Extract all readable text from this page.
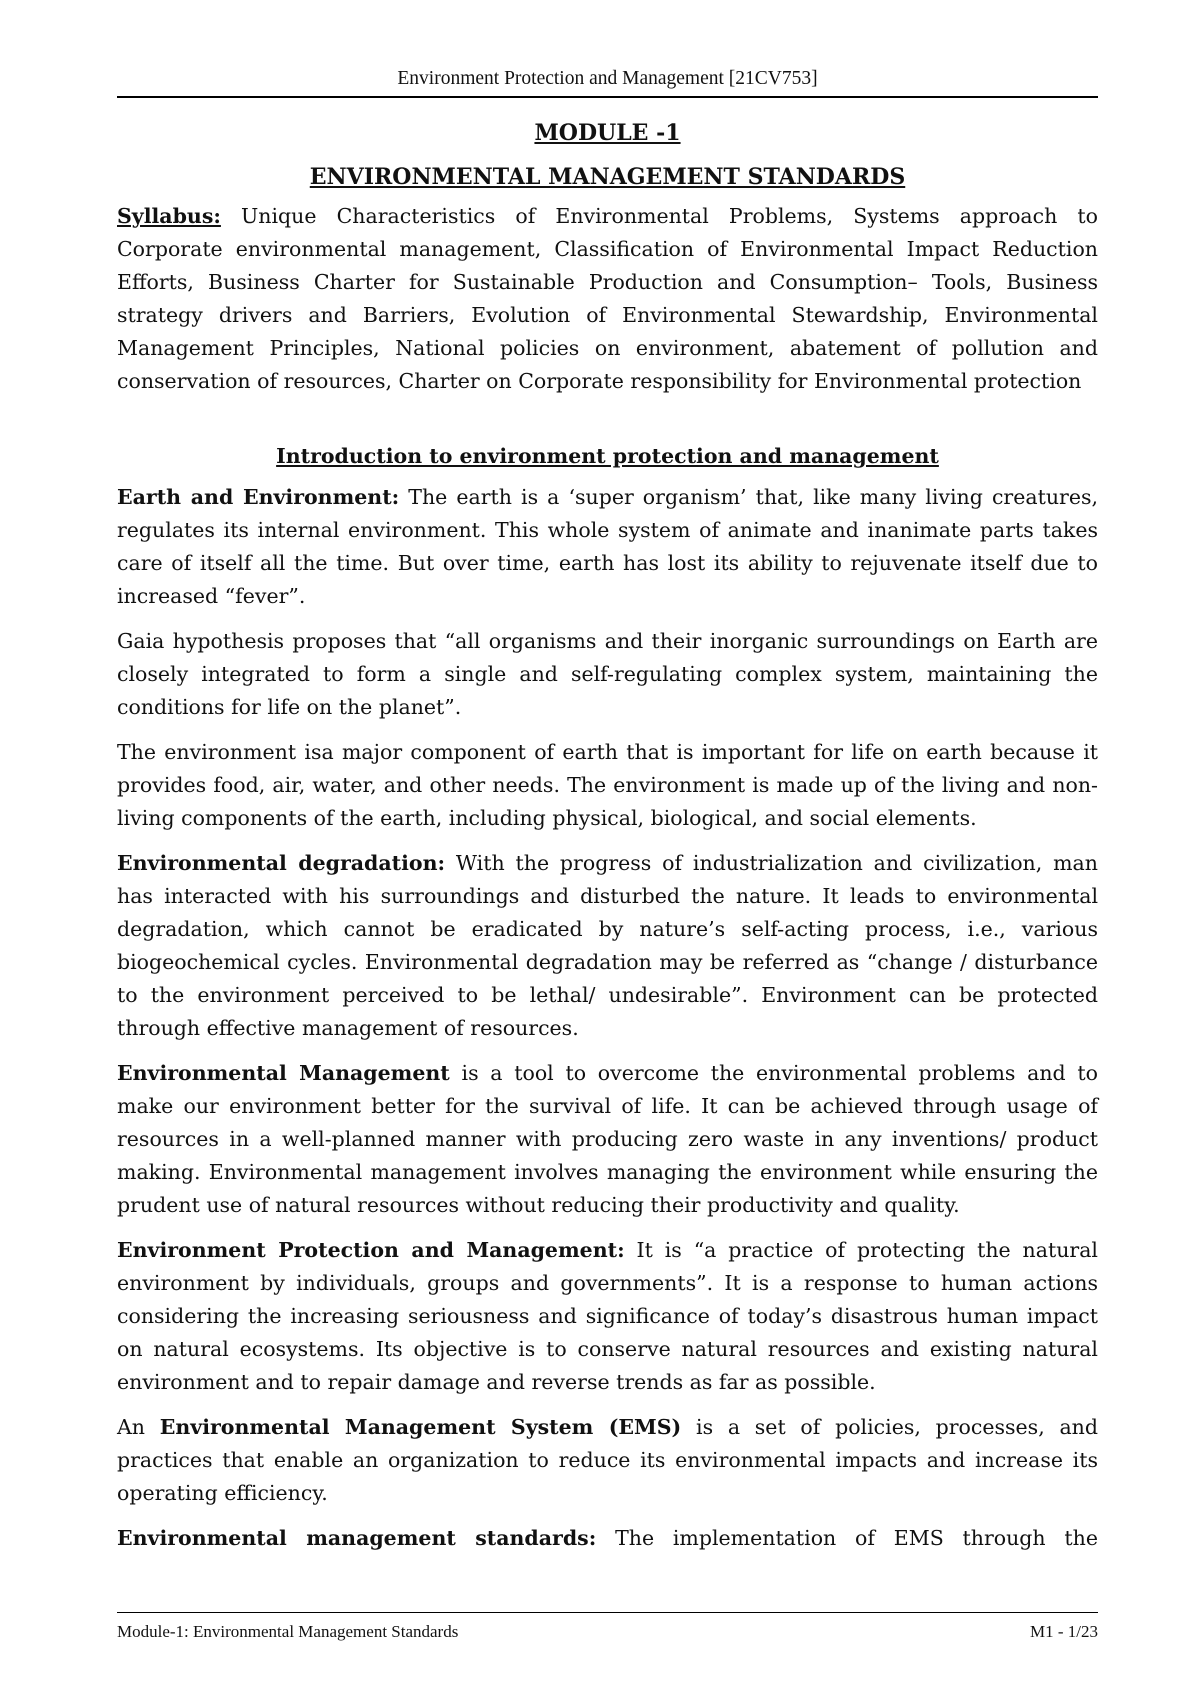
Environment Protection and Management [21CV753]
MODULE -1
ENVIRONMENTAL MANAGEMENT STANDARDS

Syllabus: Unique Characteristics of Environmental Problems, Systems approach to Corporate environmental management, Classification of Environmental Impact Reduction Efforts, Business Charter for Sustainable Production and Consumption– Tools, Business strategy drivers and Barriers, Evolution of Environmental Stewardship, Environmental Management Principles, National policies on environment, abatement of pollution and conservation of resources, Charter on Corporate responsibility for Environmental protection

Introduction to environment protection and management

Earth and Environment: The earth is a ‘super organism’ that, like many living creatures, regulates its internal environment. This whole system of animate and inanimate parts takes care of itself all the time. But over time, earth has lost its ability to rejuvenate itself due to increased “fever”.

Gaia hypothesis proposes that “all organisms and their inorganic surroundings on Earth are closely integrated to form a single and self-regulating complex system, maintaining the conditions for life on the planet”.

The environment isa major component of earth that is important for life on earth because it provides food, air, water, and other needs. The environment is made up of the living and non-living components of the earth, including physical, biological, and social elements.

Environmental degradation: With the progress of industrialization and civilization, man has interacted with his surroundings and disturbed the nature. It leads to environmental degradation, which cannot be eradicated by nature’s self-acting process, i.e., various biogeochemical cycles. Environmental degradation may be referred as “change / disturbance to the environment perceived to be lethal/ undesirable”. Environment can be protected through effective management of resources.

Environmental Management is a tool to overcome the environmental problems and to make our environment better for the survival of life. It can be achieved through usage of resources in a well-planned manner with producing zero waste in any inventions/ product making. Environmental management involves managing the environment while ensuring the prudent use of natural resources without reducing their productivity and quality.

Environment Protection and Management: It is “a practice of protecting the natural environment by individuals, groups and governments”. It is a response to human actions considering the increasing seriousness and significance of today’s disastrous human impact on natural ecosystems. Its objective is to conserve natural resources and existing natural environment and to repair damage and reverse trends as far as possible.

An Environmental Management System (EMS) is a set of policies, processes, and practices that enable an organization to reduce its environmental impacts and increase its operating efficiency.

Environmental management standards: The implementation of EMS through the

Module-1: Environmental Management Standards	M1 - 1/23
